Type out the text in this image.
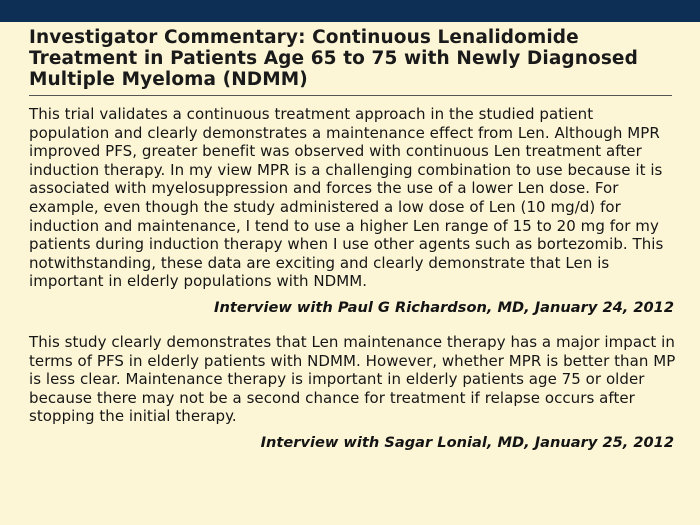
Investigator Commentary: Continuous Lenalidomide Treatment in Patients Age 65 to 75 with Newly Diagnosed Multiple Myeloma (NDMM)

This trial validates a continuous treatment approach in the studied patient population and clearly demonstrates a maintenance effect from Len. Although MPR improved PFS, greater benefit was observed with continuous Len treatment after induction therapy. In my view MPR is a challenging combination to use because it is associated with myelosuppression and forces the use of a lower Len dose. For example, even though the study administered a low dose of Len (10 mg/d) for induction and maintenance, I tend to use a higher Len range of 15 to 20 mg for my patients during induction therapy when I use other agents such as bortezomib. This notwithstanding, these data are exciting and clearly demonstrate that Len is important in elderly populations with NDMM.

Interview with Paul G Richardson, MD, January 24, 2012

This study clearly demonstrates that Len maintenance therapy has a major impact in terms of PFS in elderly patients with NDMM. However, whether MPR is better than MP is less clear. Maintenance therapy is important in elderly patients age 75 or older because there may not be a second chance for treatment if relapse occurs after stopping the initial therapy.

Interview with Sagar Lonial, MD, January 25, 2012
